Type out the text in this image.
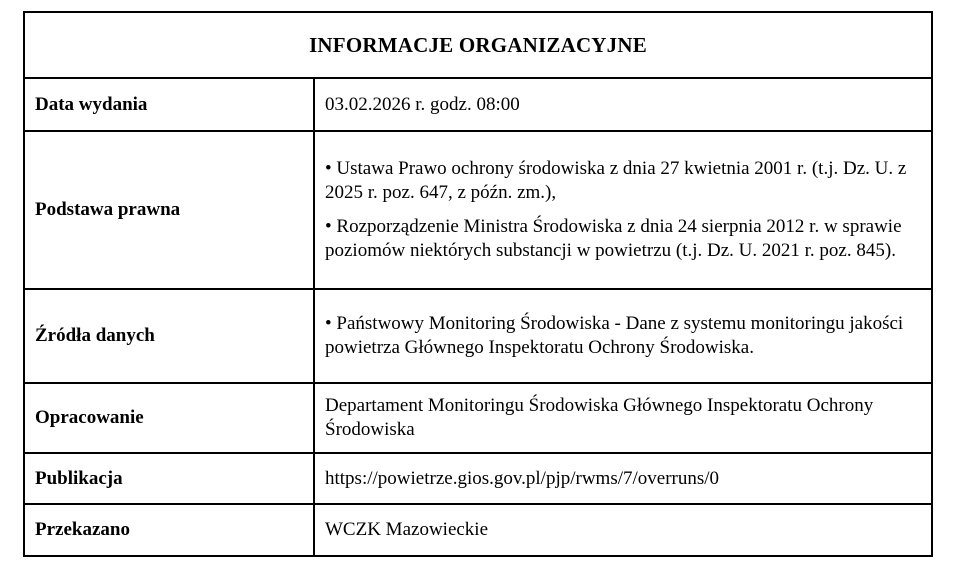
INFORMACJE ORGANIZACYJNE	
Data wydania	03.02.2026 r. godz. 08:00
Podstawa prawna	• Ustawa Prawo ochrony środowiska z dnia 27 kwietnia 2001 r. (t.j. Dz. U. z 2025 r. poz. 647, z późn. zm.),
• Rozporządzenie Ministra Środowiska z dnia 24 sierpnia 2012 r. w sprawie poziomów niektórych substancji w powietrzu (t.j. Dz. U. 2021 r. poz. 845).

Źródła danych	• Państwowy Monitoring Środowiska - Dane z systemu monitoringu jakości powietrza Głównego Inspektoratu Ochrony Środowiska.
Opracowanie	Departament Monitoringu Środowiska Głównego Inspektoratu Ochrony Środowiska
Publikacja	https://powietrze.gios.gov.pl/pjp/rwms/7/overruns/0
Przekazano	WCZK Mazowieckie
